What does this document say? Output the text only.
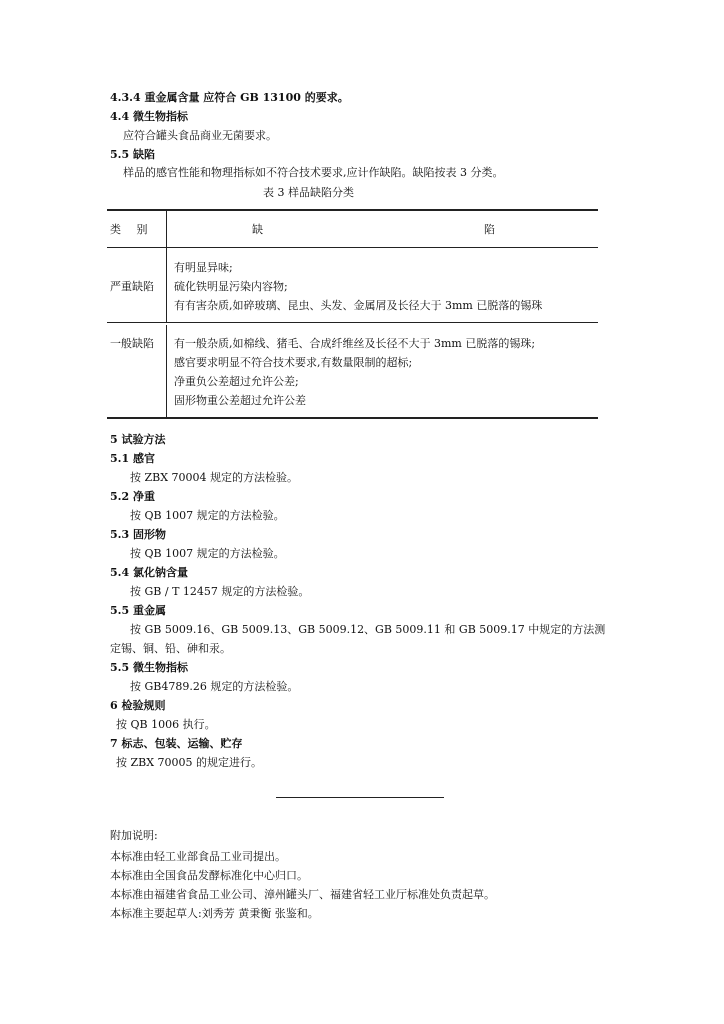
4.3.4 重金属含量 应符合 GB 13100 的要求。
4.4 微生物指标
应符合罐头食品商业无菌要求。
5.5 缺陷
样品的感官性能和物理指标如不符合技术要求,应计作缺陷。缺陷按表 3 分类。
表 3 样品缺陷分类
类 别	缺	陷
严重缺陷
有明显异味;
硫化铁明显污染内容物;
有有害杂质,如碎玻璃、昆虫、头发、金属屑及长径大于 3mm 已脱落的锡珠
一般缺陷 有一般杂质,如棉线、猪毛、合成纤维丝及长径不大于 3mm 已脱落的锡珠;
感官要求明显不符合技术要求,有数量限制的超标;
净重负公差超过允许公差;
固形物重公差超过允许公差
5 试验方法
5.1 感官
按 ZBX 70004 规定的方法检验。
5.2 净重
按 QB 1007 规定的方法检验。
5.3 固形物
按 QB 1007 规定的方法检验。
5.4 氯化钠含量
按 GB / T 12457 规定的方法检验。
5.5 重金属
按 GB 5009.16、GB 5009.13、GB 5009.12、GB 5009.11 和 GB 5009.17 中规定的方法测
定锡、铜、铅、砷和汞。
5.5 微生物指标
按 GB4789.26 规定的方法检验。
6 检验规则
按 QB 1006 执行。
7 标志、包装、运输、贮存
按 ZBX 70005 的规定进行。
附加说明:
本标准由轻工业部食品工业司提出。
本标准由全国食品发酵标准化中心归口。
本标准由福建省食品工业公司、漳州罐头厂、福建省轻工业厅标准处负责起草。
本标准主要起草人:刘秀芳 黄秉衡 张鉴和。
